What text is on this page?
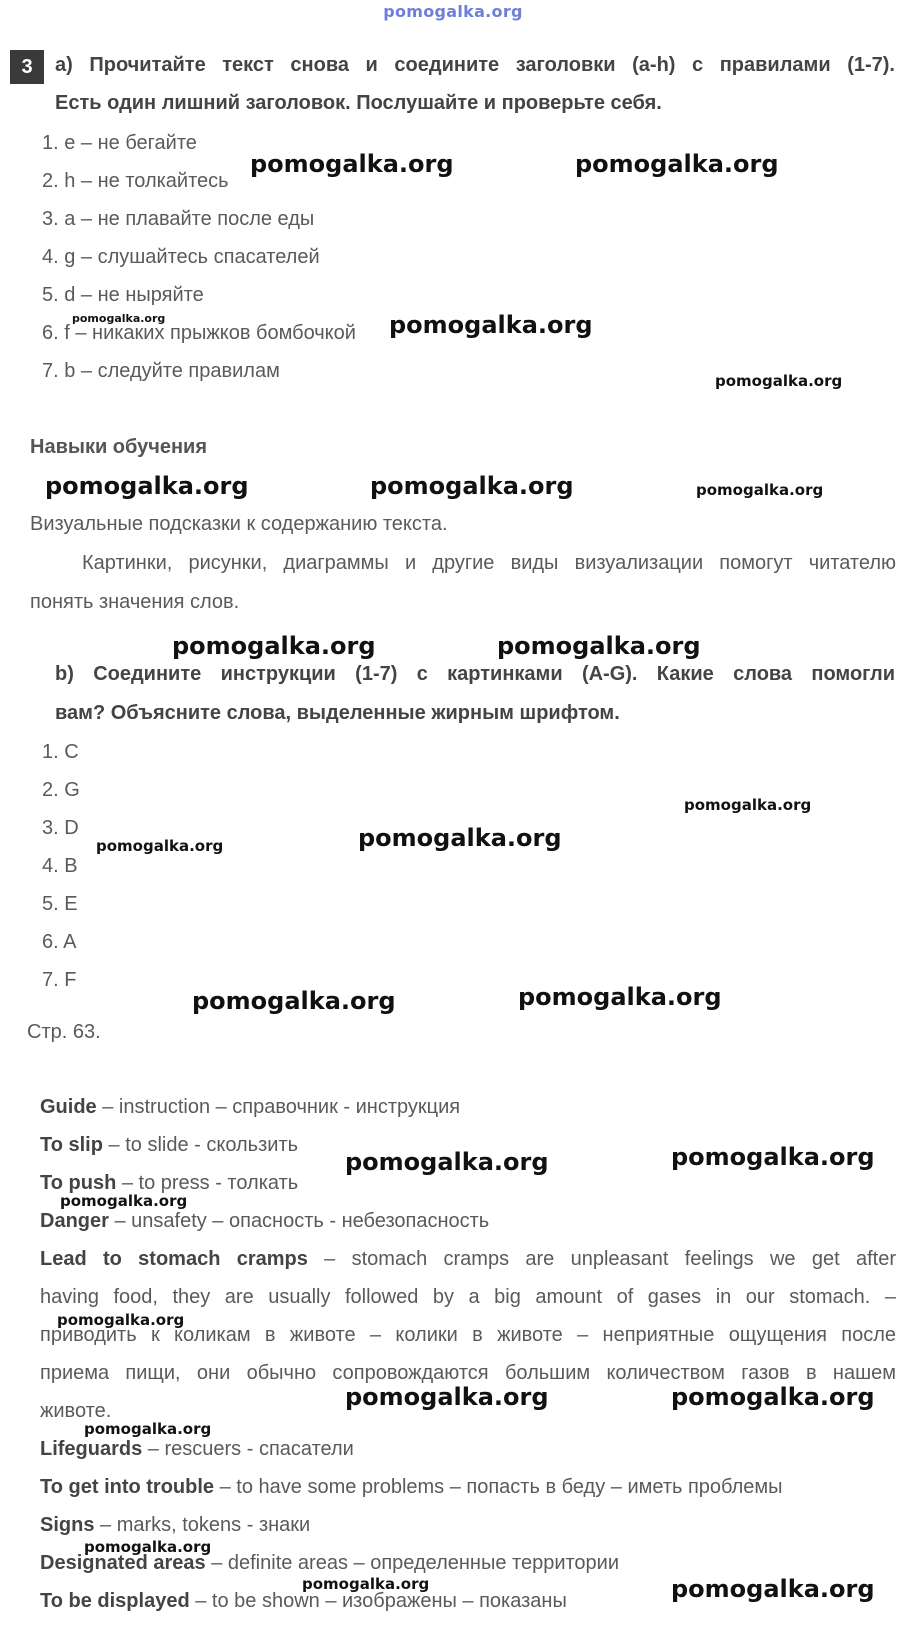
pomogalka.org
3	a) Прочитайте текст снова и соедините заголовки (a-h) с правилами (1-7).
Есть один лишний заголовок. Послушайте и проверьте себя.
1. e – не бегайте
2. h – не толкайтесь
3. a – не плавайте после еды
4. g – слушайтесь спасателей
5. d – не ныряйте
6. f – никаких прыжков бомбочкой
7. b – следуйте правилам
Навыки обучения
Визуальные подсказки к содержанию текста.
Картинки, рисунки, диаграммы и другие виды визуализации помогут читателю
понять значения слов.
b) Соедините инструкции (1-7) с картинками (A-G). Какие слова помогли
вам? Объясните слова, выделенные жирным шрифтом.
1. C
2. G
3. D
4. B
5. E
6. A
7. F
Стр. 63.
Guide – instruction – справочник - инструкция
To slip – to slide - скользить
To push – to press - толкать
Danger – unsafety – опасность - небезопасность
Lead to stomach cramps – stomach cramps are unpleasant feelings we get after
having food, they are usually followed by a big amount of gases in our stomach. –
приводить к коликам в животе – колики в животе – неприятные ощущения после
приема пищи, они обычно сопровождаются большим количеством газов в нашем
животе.
Lifeguards – rescuers - спасатели
To get into trouble – to have some problems – попасть в беду – иметь проблемы
Signs – marks, tokens - знаки
Designated areas – definite areas – определенные территории
To be displayed – to be shown – изображены – показаны
pomogalka.org	pomogalka.org
pomogalka.org	pomogalka.org
pomogalka.org
pomogalka.org	pomogalka.org	pomogalka.org
pomogalka.org	pomogalka.org
pomogalka.org
pomogalka.org	pomogalka.org
pomogalka.org	pomogalka.org
pomogalka.org	pomogalka.org
pomogalka.org
pomogalka.org
pomogalka.org	pomogalka.org
pomogalka.org
pomogalka.org
pomogalka.org	pomogalka.org
